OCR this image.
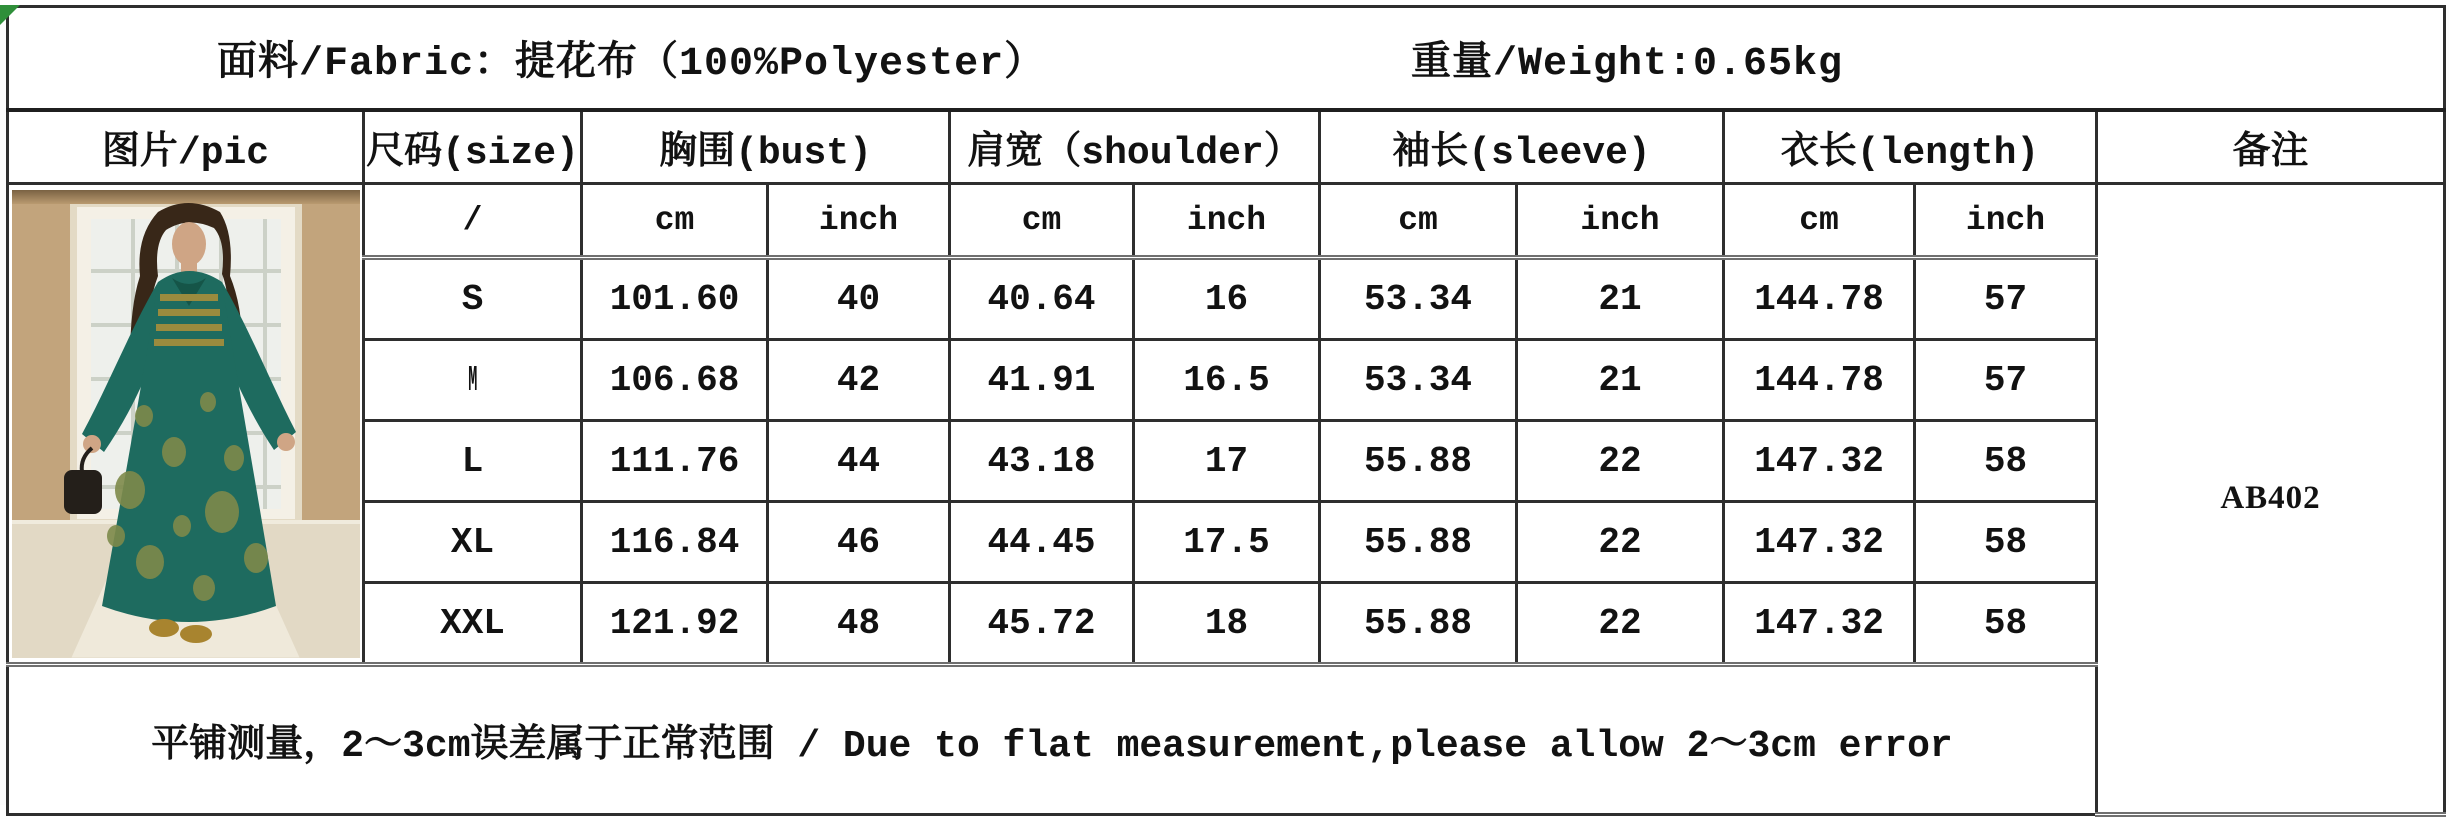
面料/Fabric：提花布（100%Polyester） 重量/Weight:0.65kg										

图片/pic	尺码(size)	胸围(bust)		肩宽（shoulder）		袖长(sleeve)		衣长(length)		备注

	/	cm	inch	cm	inch	cm	inch	cm	inch	AB402
	S	101.60	40	40.64	16	53.34	21	144.78	57	
	M	106.68	42	41.91	16.5	53.34	21	144.78	57	
	L	111.76	44	43.18	17	55.88	22	147.32	58	
	XL	116.84	46	44.45	17.5	55.88	22	147.32	58	
	XXL	121.92	48	45.72	18	55.88	22	147.32	58	
平铺测量，2～3cm误差属于正常范围 / Due to flat measurement,please allow 2～3cm error										
